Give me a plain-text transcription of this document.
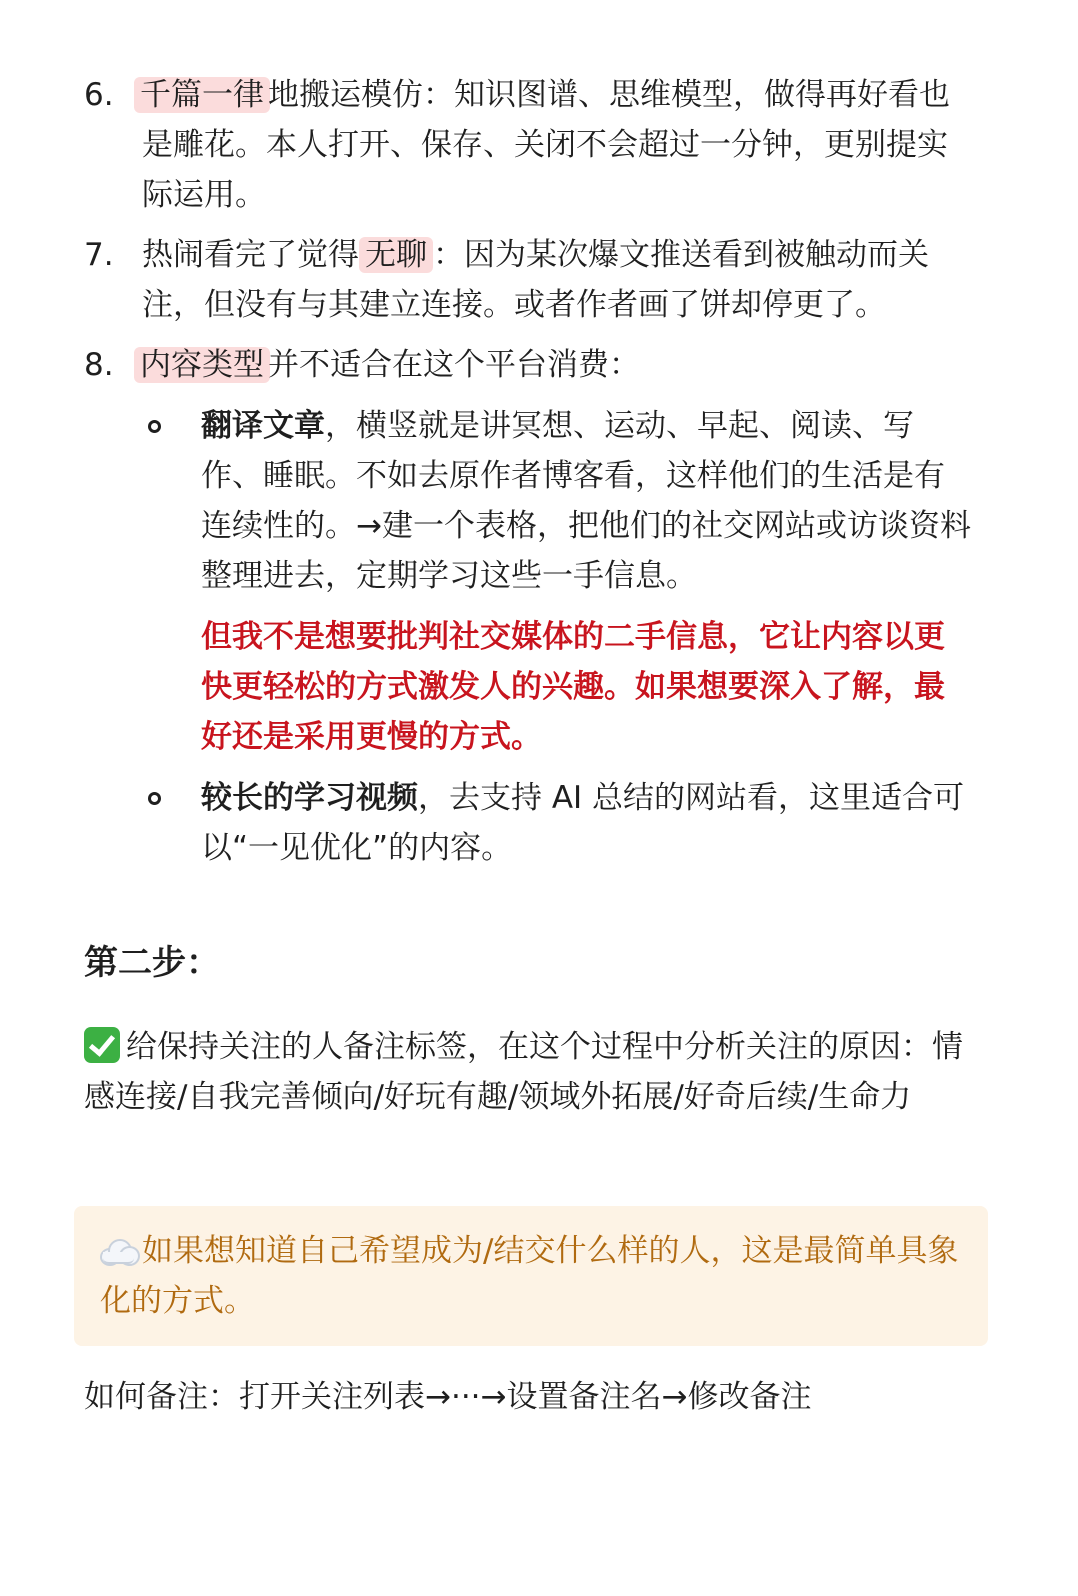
6. 千篇一律 地搬运模仿：知识图谱、思维模型，做得再好看也是雕花。本人打开、保存、关闭不会超过一分钟，更别提实际运用。
7. 热闹看完了觉得 无聊 ：因为某次爆文推送看到被触动而关注，但没有与其建立连接。或者作者画了饼却停更了。
8. 内容类型 并不适合在这个平台消费：
翻译文章，横竖就是讲冥想、运动、早起、阅读、写作、睡眠。不如去原作者博客看，这样他们的生活是有连续性的。→建一个表格，把他们的社交网站或访谈资料整理进去，定期学习这些一手信息。
但我不是想要批判社交媒体的二手信息，它让内容以更快更轻松的方式激发人的兴趣。如果想要深入了解，最好还是采用更慢的方式。
较长的学习视频，去支持 AI 总结的网站看，这里适合可以“一见优化”的内容。
第二步：
给保持关注的人备注标签，在这个过程中分析关注的原因：情感连接/自我完善倾向/好玩有趣/领域外拓展/好奇后续/生命力
如果想知道自己希望成为/结交什么样的人，这是最简单具象化的方式。
如何备注：打开关注列表→···→设置备注名→修改备注
